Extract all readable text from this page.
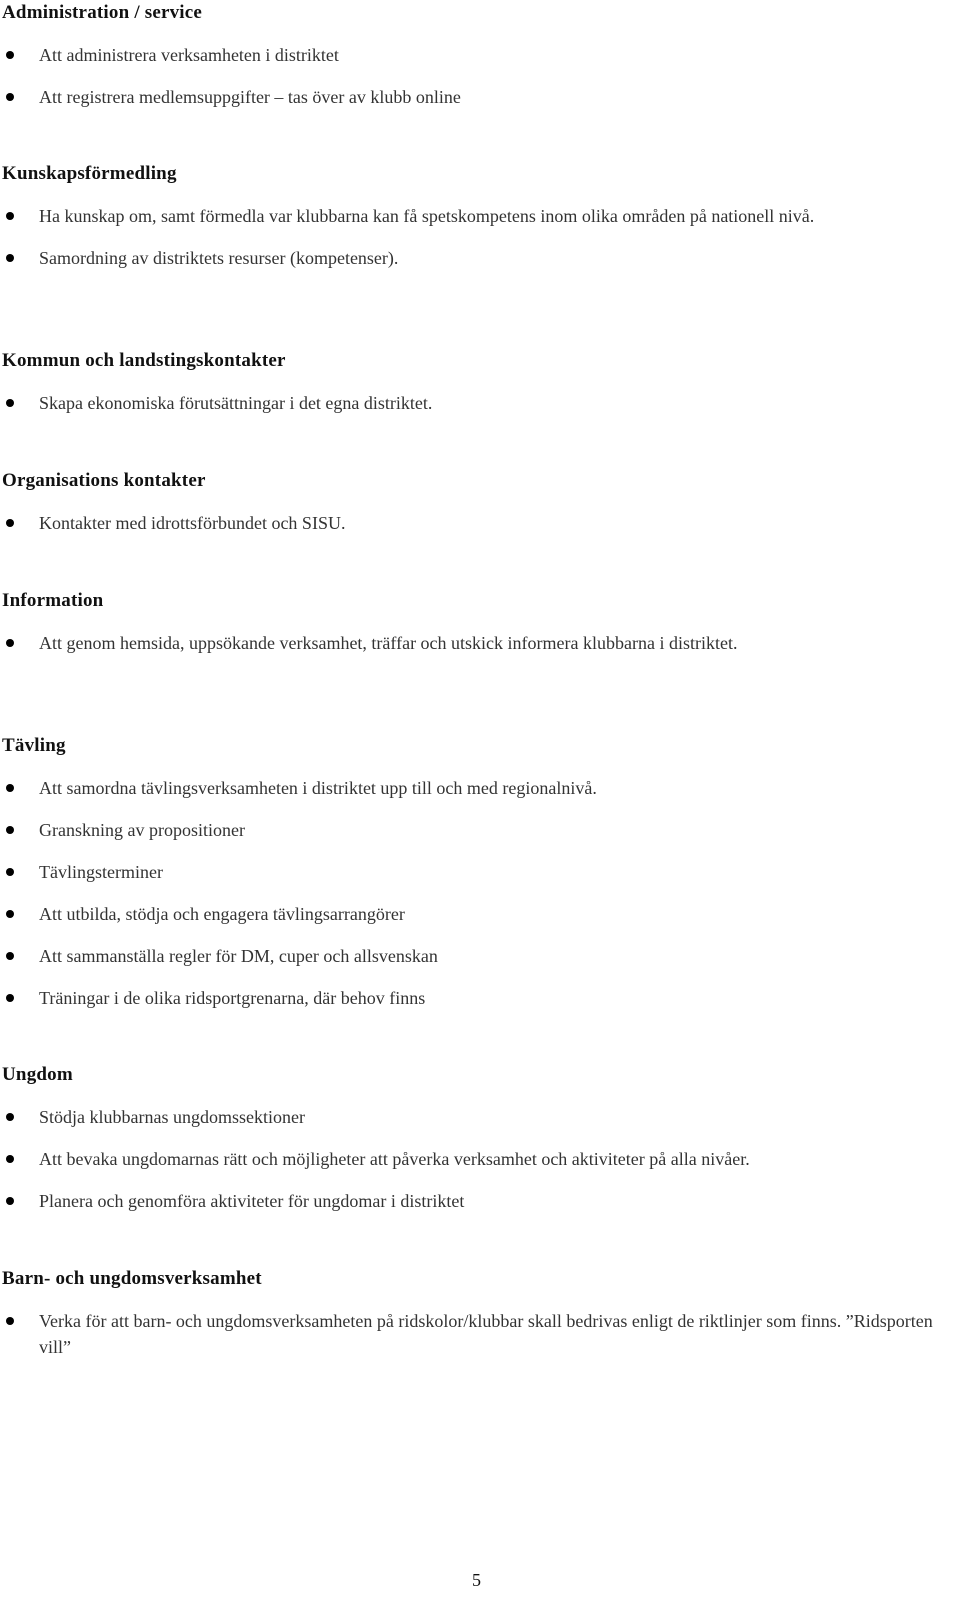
Administration / service
Att administrera verksamheten i distriktet
Att registrera medlemsuppgifter – tas över av klubb online
Kunskapsförmedling
Ha kunskap om, samt förmedla var klubbarna kan få spetskompetens inom olika områden på nationell nivå.
Samordning av distriktets resurser (kompetenser).
Kommun och landstingskontakter
Skapa ekonomiska förutsättningar i det egna distriktet.
Organisations kontakter
Kontakter med idrottsförbundet och SISU.
Information
Att genom hemsida, uppsökande verksamhet, träffar och utskick informera klubbarna i distriktet.
Tävling
Att samordna tävlingsverksamheten i distriktet upp till och med regionalnivå.
Granskning av propositioner
Tävlingsterminer
Att utbilda, stödja och engagera tävlingsarrangörer
Att sammanställa regler för DM, cuper och allsvenskan
Träningar i de olika ridsportgrenarna, där behov finns
Ungdom
Stödja klubbarnas ungdomssektioner
Att bevaka ungdomarnas rätt och möjligheter att påverka verksamhet och aktiviteter på alla nivåer.
Planera och genomföra aktiviteter för ungdomar i distriktet
Barn- och ungdomsverksamhet
Verka för att barn- och ungdomsverksamheten på ridskolor/klubbar skall bedrivas enligt de riktlinjer som finns. ”Ridsporten vill”
5
